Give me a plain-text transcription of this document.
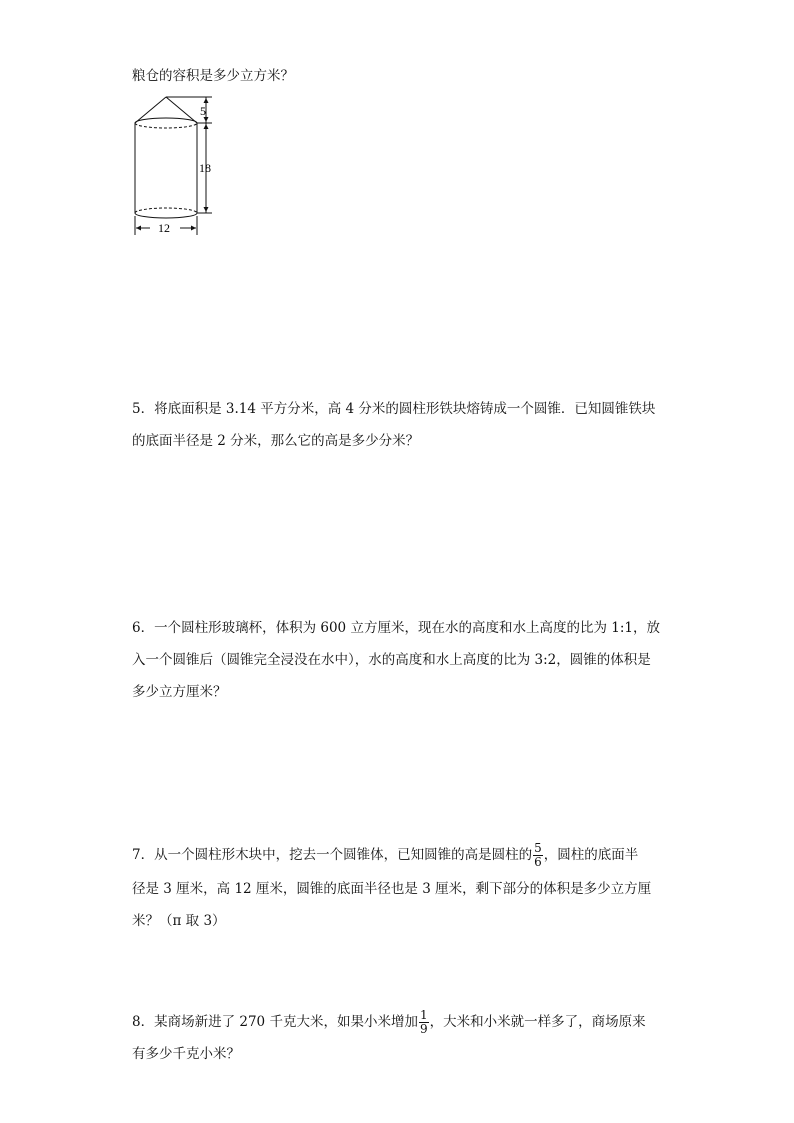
粮仓的容积是多少立方米？
5
18
12
5．将底面积是 3.14 平方分米，高 4 分米的圆柱形铁块熔铸成一个圆锥．已知圆锥铁块
的底面半径是 2 分米，那么它的高是多少分米？
6．一个圆柱形玻璃杯，体积为 600 立方厘米，现在水的高度和水上高度的比为 1:1，放
入一个圆锥后（圆锥完全浸没在水中），水的高度和水上高度的比为 3:2，圆锥的体积是
多少立方厘米？
7．从一个圆柱形木块中，挖去一个圆锥体，已知圆锥的高是圆柱的 $\frac{5}{6}$ ，圆柱的底面半
径是 3 厘米，高 12 厘米，圆锥的底面半径也是 3 厘米，剩下部分的体积是多少立方厘
米？（π 取 3）
8．某商场新进了 270 千克大米，如果小米增加 $\frac{1}{9}$ ，大米和小米就一样多了，商场原来
有多少千克小米？
